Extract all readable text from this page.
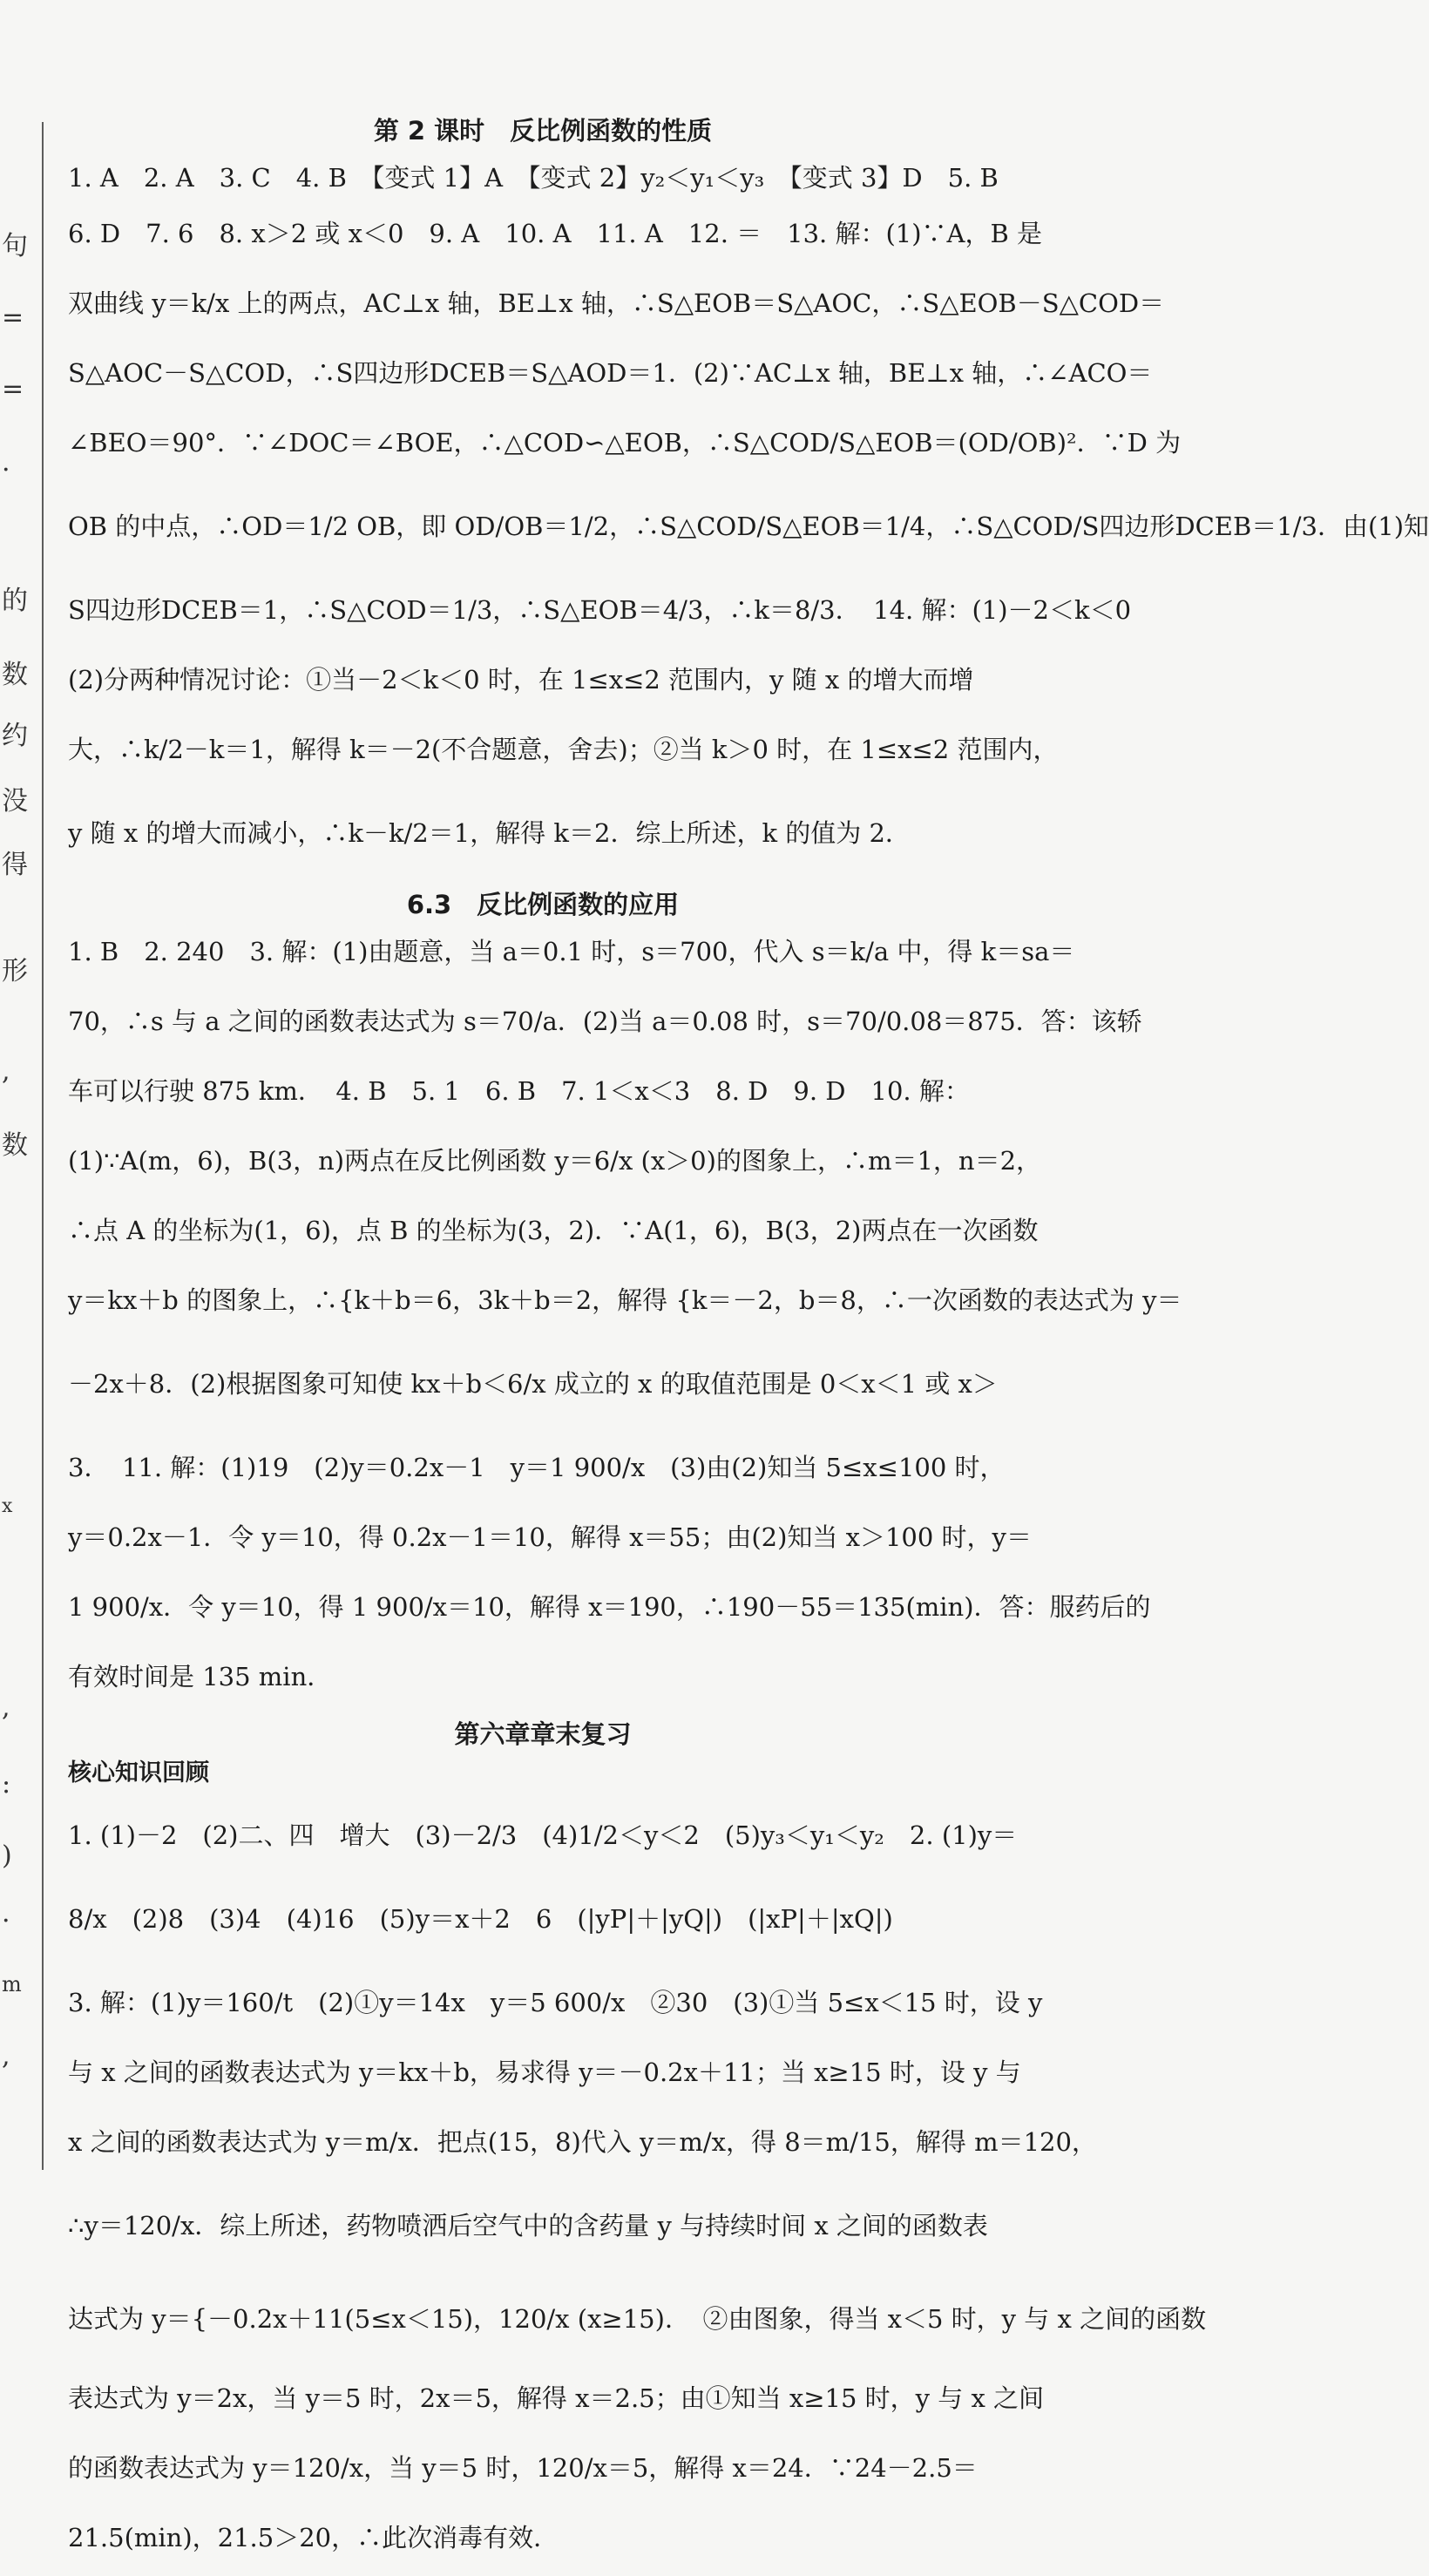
句
=
=
·
的
数
约
没
得
形
,
数
x
,
:
)
·
m
,
第 2 课时　反比例函数的性质
1. A　2. A　3. C　4. B　【变式 1】A　【变式 2】y₂＜y₁＜y₃　【变式 3】D　5. B
6. D　7. 6　8. x＞2 或 x＜0　9. A　10. A　11. A　12. ＝　13. 解：(1)∵A，B 是
双曲线 y＝k/x 上的两点，AC⊥x 轴，BE⊥x 轴，∴S△EOB＝S△AOC，∴S△EOB－S△COD＝
S△AOC－S△COD，∴S四边形DCEB＝S△AOD＝1．(2)∵AC⊥x 轴，BE⊥x 轴，∴∠ACO＝
∠BEO＝90°．∵∠DOC＝∠BOE，∴△COD∽△EOB，∴S△COD/S△EOB＝(OD/OB)²．∵D 为
OB 的中点，∴OD＝1/2 OB，即 OD/OB＝1/2，∴S△COD/S△EOB＝1/4，∴S△COD/S四边形DCEB＝1/3．由(1)知
S四边形DCEB＝1，∴S△COD＝1/3，∴S△EOB＝4/3，∴k＝8/3．　14. 解：(1)－2＜k＜0
(2)分两种情况讨论：①当－2＜k＜0 时，在 1≤x≤2 范围内，y 随 x 的增大而增
大，∴k/2－k＝1，解得 k＝－2(不合题意，舍去)；②当 k＞0 时，在 1≤x≤2 范围内，
y 随 x 的增大而减小，∴k－k/2＝1，解得 k＝2．综上所述，k 的值为 2．
6.3　反比例函数的应用
1. B　2. 240　3. 解：(1)由题意，当 a＝0.1 时，s＝700，代入 s＝k/a 中，得 k＝sa＝
70，∴s 与 a 之间的函数表达式为 s＝70/a．(2)当 a＝0.08 时，s＝70/0.08＝875．答：该轿
车可以行驶 875 km．　4. B　5. 1　6. B　7. 1＜x＜3　8. D　9. D　10. 解：
(1)∵A(m，6)，B(3，n)两点在反比例函数 y＝6/x (x＞0)的图象上，∴m＝1，n＝2，
∴点 A 的坐标为(1，6)，点 B 的坐标为(3，2)．∵A(1，6)，B(3，2)两点在一次函数
y＝kx＋b 的图象上，∴{k＋b＝6，3k＋b＝2，解得 {k＝－2，b＝8，∴一次函数的表达式为 y＝
－2x＋8．(2)根据图象可知使 kx＋b＜6/x 成立的 x 的取值范围是 0＜x＜1 或 x＞
3．　11. 解：(1)19　(2)y＝0.2x－1　y＝1 900/x　(3)由(2)知当 5≤x≤100 时，
y＝0.2x－1．令 y＝10，得 0.2x－1＝10，解得 x＝55；由(2)知当 x＞100 时，y＝
1 900/x．令 y＝10，得 1 900/x＝10，解得 x＝190，∴190－55＝135(min)．答：服药后的
有效时间是 135 min．
第六章章末复习
核心知识回顾
1. (1)－2　(2)二、四　增大　(3)－2/3　(4)1/2＜y＜2　(5)y₃＜y₁＜y₂　2. (1)y＝
8/x　(2)8　(3)4　(4)16　(5)y＝x＋2　6　(|yP|＋|yQ|)　(|xP|＋|xQ|)
3. 解：(1)y＝160/t　(2)①y＝14x　y＝5 600/x　②30　(3)①当 5≤x＜15 时，设 y
与 x 之间的函数表达式为 y＝kx＋b，易求得 y＝－0.2x＋11；当 x≥15 时，设 y 与
x 之间的函数表达式为 y＝m/x．把点(15，8)代入 y＝m/x，得 8＝m/15，解得 m＝120，
∴y＝120/x．综上所述，药物喷洒后空气中的含药量 y 与持续时间 x 之间的函数表
达式为 y＝{－0.2x＋11(5≤x＜15)，120/x (x≥15)．　②由图象，得当 x＜5 时，y 与 x 之间的函数
表达式为 y＝2x，当 y＝5 时，2x＝5，解得 x＝2.5；由①知当 x≥15 时，y 与 x 之间
的函数表达式为 y＝120/x，当 y＝5 时，120/x＝5，解得 x＝24．∵24－2.5＝
21.5(min)，21.5＞20，∴此次消毒有效．
